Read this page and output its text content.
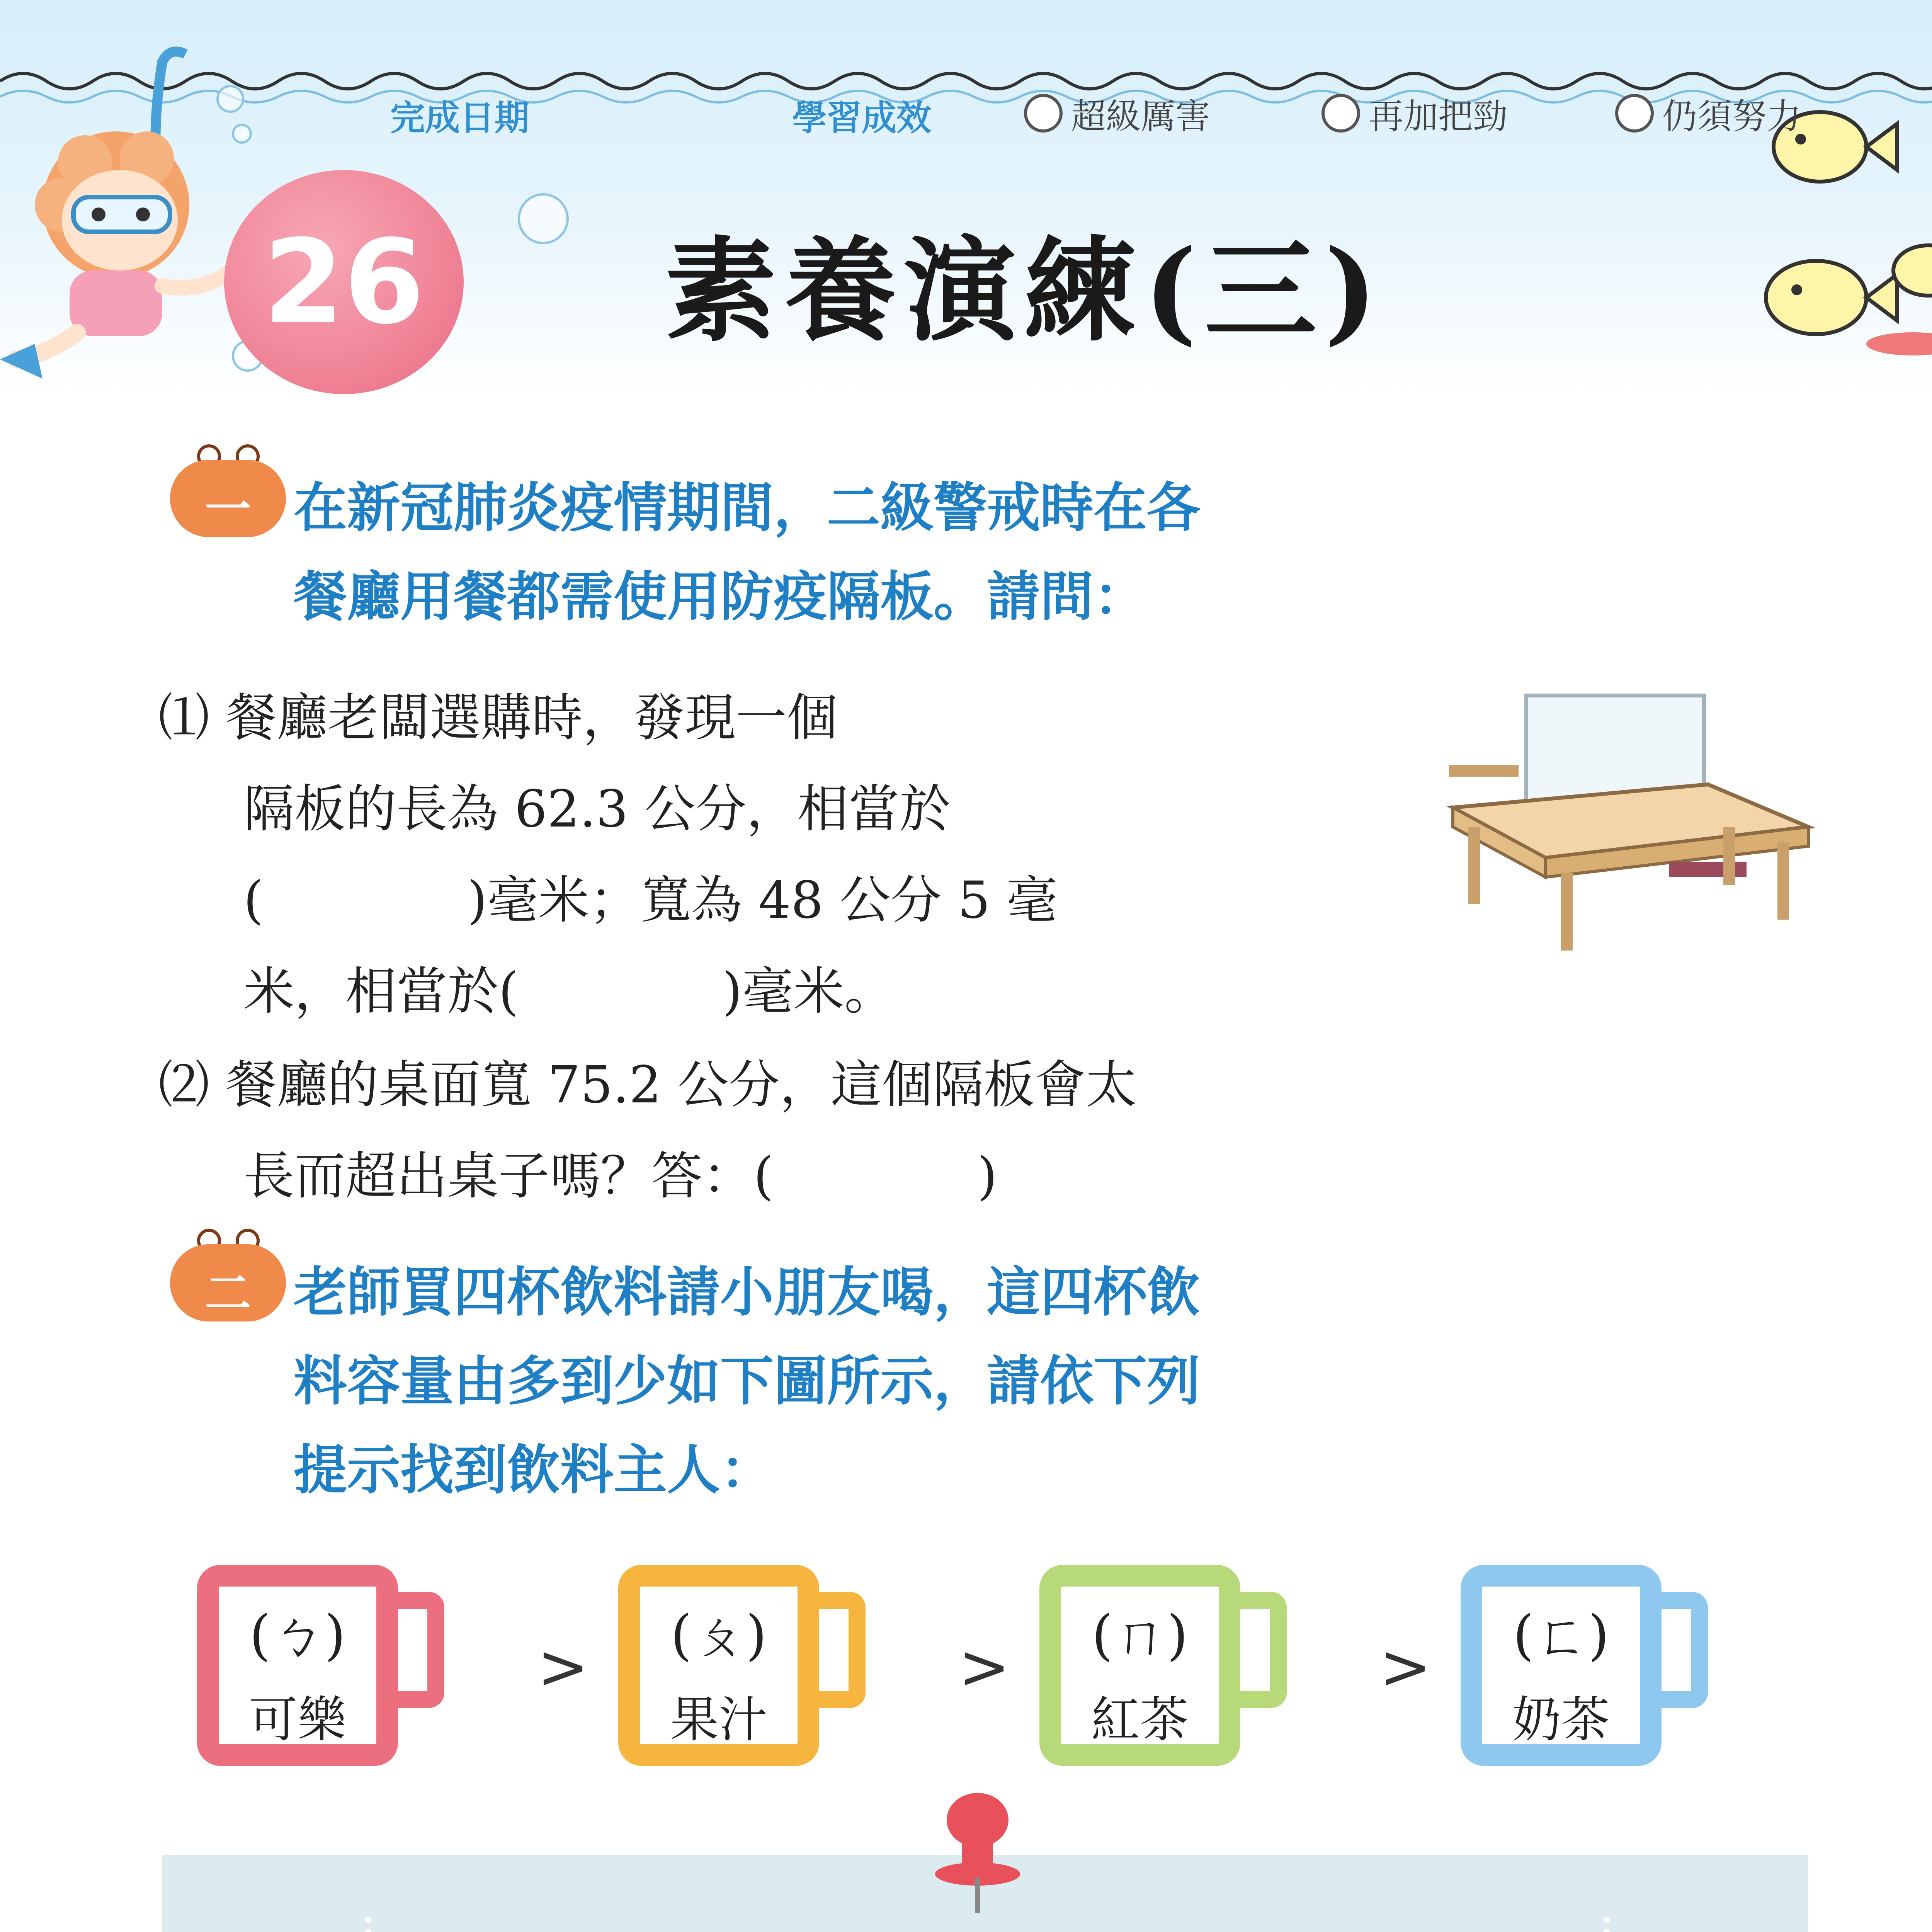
完成日期	學習成效	超級厲害	再加把勁	仍須努力
26 素養演練(三)
一 在新冠肺炎疫情期間，二級警戒時在各
餐廳用餐都需使用防疫隔板。請問：
⑴ 餐廳老闆選購時，發現一個
隔板的長為 62.3 公分，相當於
(　　　　)毫米；寬為 48 公分 5 毫
米，相當於(　　　　)毫米。
⑵ 餐廳的桌面寬 75.2 公分，這個隔板會太
長而超出桌子嗎？答：(　　　　)
二 老師買四杯飲料請小朋友喝，這四杯飲
料容量由多到少如下圖所示，請依下列
提示找到飲料主人：
(ㄅ)
可樂
>	(ㄆ)
果汁
>	(ㄇ)
紅茶
>	(ㄈ)
奶茶
